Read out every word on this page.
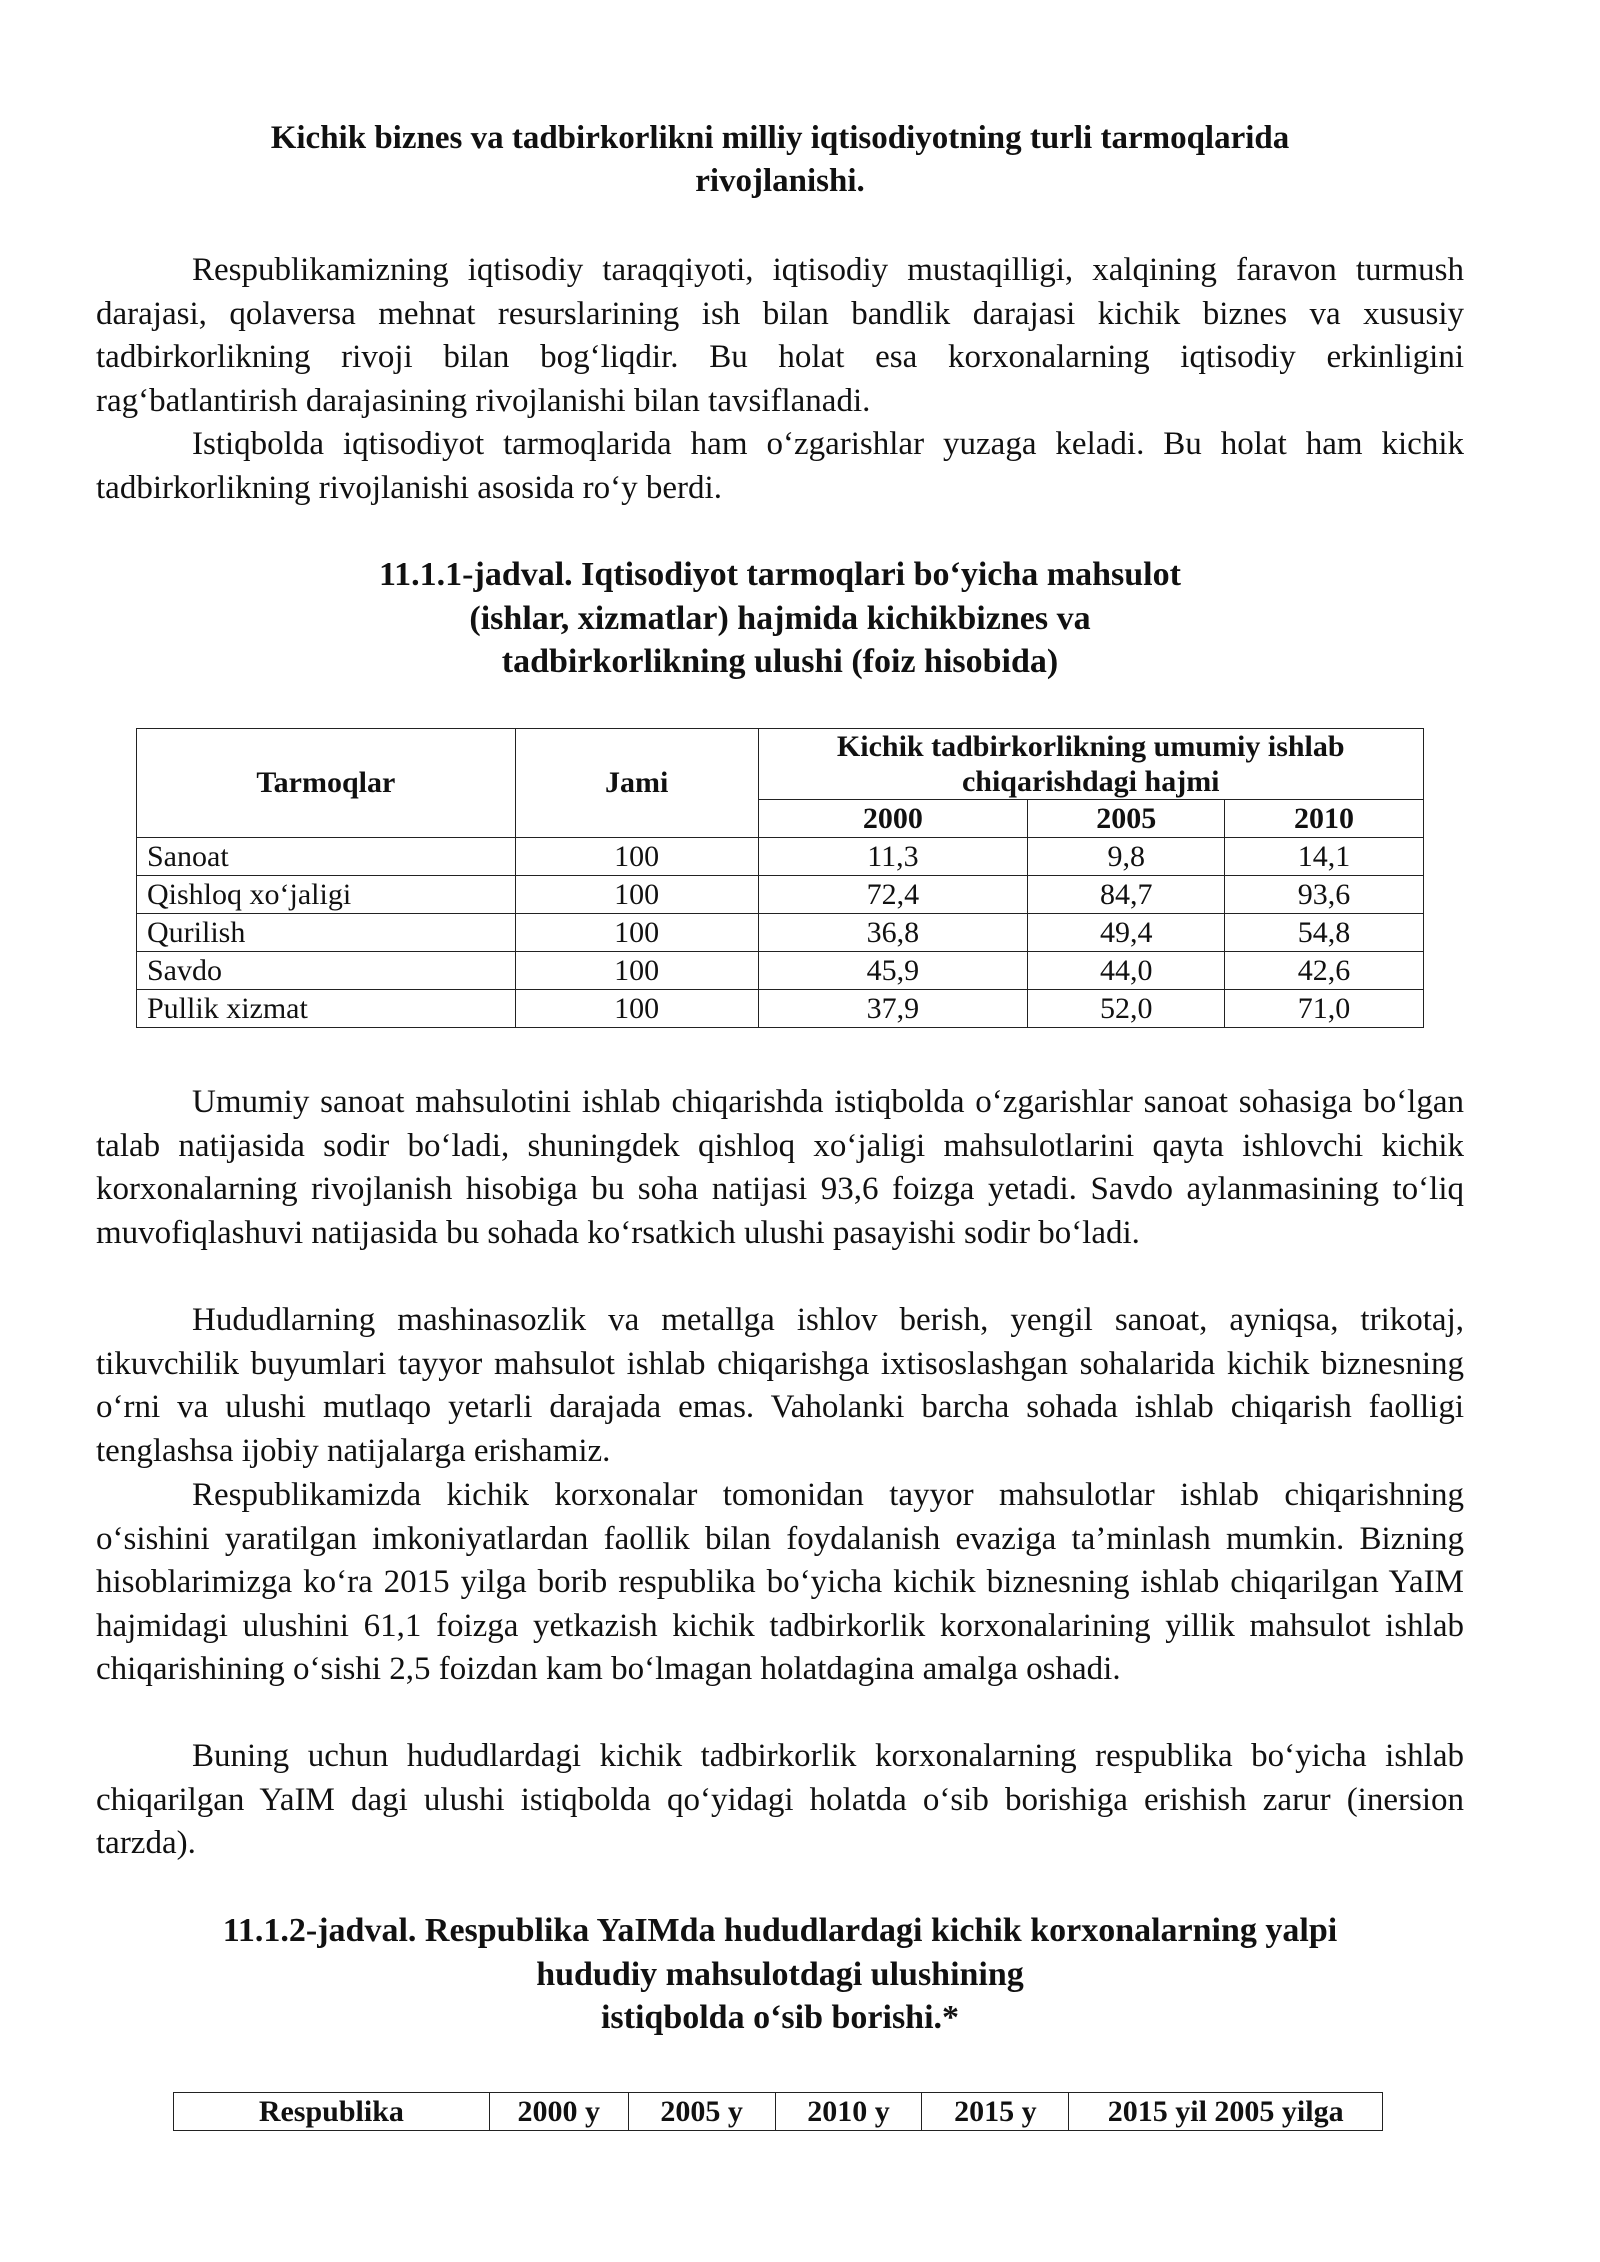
Kichik biznes va tadbirkorlikni milliy iqtisodiyotning turli tarmoqlarida
rivojlanishi.

Respublikamizning iqtisodiy taraqqiyoti, iqtisodiy mustaqilligi, xalqining faravon turmush darajasi, qolaversa mehnat resurslarining ish bilan bandlik darajasi kichik biznes va xususiy tadbirkorlikning rivoji bilan bog‘liqdir. Bu holat esa korxonalarning iqtisodiy erkinligini rag‘batlantirish darajasining rivojlanishi bilan tavsiflanadi.

Istiqbolda iqtisodiyot tarmoqlarida ham o‘zgarishlar yuzaga keladi. Bu holat ham kichik tadbirkorlikning rivojlanishi asosida ro‘y berdi.

11.1.1-jadval. Iqtisodiyot tarmoqlari bo‘yicha mahsulot
(ishlar, xizmatlar) hajmida kichikbiznes va
tadbirkorlikning ulushi (foiz hisobida)
Tarmoqlar	Jami	Kichik tadbirkorlikning umumiy ishlab chiqarishdagi hajmi		

		2000	2005	2010
Sanoat	100	11,3	9,8	14,1
Qishloq xo‘jaligi	100	72,4	84,7	93,6
Qurilish	100	36,8	49,4	54,8
Savdo	100	45,9	44,0	42,6
Pullik xizmat	100	37,9	52,0	71,0

Umumiy sanoat mahsulotini ishlab chiqarishda istiqbolda o‘zgarishlar sanoat sohasiga bo‘lgan talab natijasida sodir bo‘ladi, shuningdek qishloq xo‘jaligi mahsulotlarini qayta ishlovchi kichik korxonalarning rivojlanish hisobiga bu soha natijasi 93,6 foizga yetadi. Savdo aylanmasining to‘liq muvofiqlashuvi natijasida bu sohada ko‘rsatkich ulushi pasayishi sodir bo‘ladi.

Hududlarning mashinasozlik va metallga ishlov berish, yengil sanoat, ayniqsa, trikotaj, tikuvchilik buyumlari tayyor mahsulot ishlab chiqarishga ixtisoslashgan sohalarida kichik biznesning o‘rni va ulushi mutlaqo yetarli darajada emas. Vaholanki barcha sohada ishlab chiqarish faolligi tenglashsa ijobiy natijalarga erishamiz.

Respublikamizda kichik korxonalar tomonidan tayyor mahsulotlar ishlab chiqarishning o‘sishini yaratilgan imkoniyatlardan faollik bilan foydalanish evaziga ta’minlash mumkin. Bizning hisoblarimizga ko‘ra 2015 yilga borib respublika bo‘yicha kichik biznesning ishlab chiqarilgan YaIM hajmidagi ulushini 61,1 foizga yetkazish kichik tadbirkorlik korxonalarining yillik mahsulot ishlab chiqarishining o‘sishi 2,5 foizdan kam bo‘lmagan holatdagina amalga oshadi.

Buning uchun hududlardagi kichik tadbirkorlik korxonalarning respublika bo‘yicha ishlab chiqarilgan YaIM dagi ulushi istiqbolda qo‘yidagi holatda o‘sib borishiga erishish zarur (inersion tarzda).

11.1.2-jadval. Respublika YaIMda hududlardagi kichik korxonalarning yalpi
hududiy mahsulotdagi ulushining
istiqbolda o‘sib borishi.*
Respublika	2000 y	2005 y	2010 y	2015 y	2015 yil 2005 yilga
